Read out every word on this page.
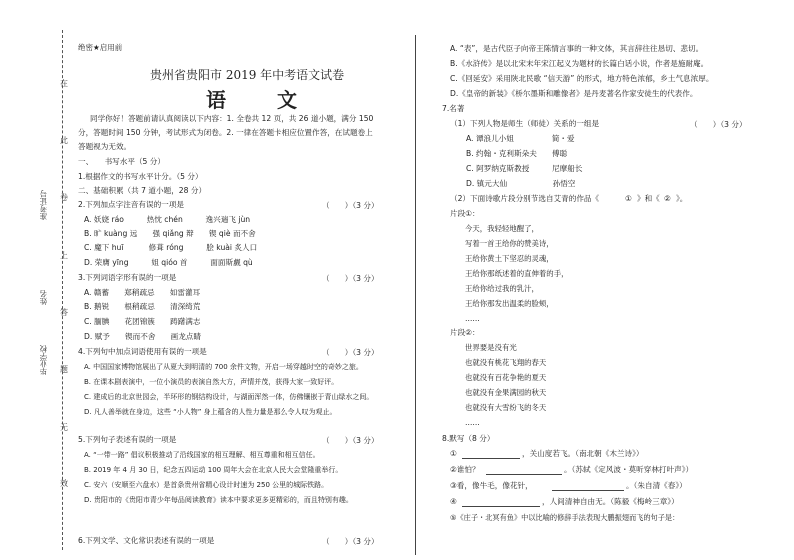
在
此
卷
上
答
题
无
效
准考证号
姓名
毕业学校
绝密★启用前
贵州省贵阳市 2019 年中考语文试卷
语 文
同学你好！答题前请认真阅读以下内容：1. 全卷共 12 页，共 26 道小题，满分 150
分，答题时间 150 分钟，考试形式为闭卷。2. 一律在答题卡相应位置作答，在试题卷上
答题视为无效。
一、　　书写水平（5 分）
1.根据作文的书写水平计分。（5 分）
二、基础积累（共 7 道小题，28 分）
2.下列加点字注音有误的一项是	（　　）（3 分）
A. 妖娆 ráo　　　热忱 chén　　　逸兴遄飞 jùn
B. 旷 kuàng 远　　强 qiǎng 辩　　锲 qiè 而不舍
C. 魔下 huī　　　 修葺 róng　　　脍 kuài 炙人口
D. 荣膺 yīng　　　姐 qióo 首　　　面面斯觑 qù
3.下列词语字形有误的一项是	（　　）（3 分）
A. 赣蓄　　郑稍疏忌　　如雷灌耳
B. 鹅锐　　根稍疏忌　　清深绮荒
C. 腼腆　　花团锦簇　　踌躇满志
D. 赋予　　锲而不舍　　画龙点睛
4.下列句中加点词语使用有误的一项是	（　　）（3 分）
A. 中国国家博物馆展出了从夏大到明清的 700 余件文物，开启一场穿越时空的奇妙之旅。
B. 在课本剧表演中，一位小演员的表演自然大方，声情并茂，获得大家一致好评。
C. 建成后的北京世园会，半环形的钢结构设计，与湖面浑然一体，仿佛镶嵌于青山绿水之间。
D. 凡人善举就在身边，这些 “小人物” 身上蕴含的人性力量是那么令人叹为观止。
5.下列句子表述有误的一项是	（　　）（3 分）
A. “一带一路” 倡议积极推动了沿线国家的相互理解、相互尊重和相互信任。
B. 2019 年 4 月 30 日，纪念五四运动 100 周年大会在北京人民大会堂隆重举行。
C. 安六（安顺至六盘水）是首条贵州省精心设计时速为 250 公里的城际铁路。
D. 贵阳市的《贵阳市青少年每品阅读教育》读本中要求更多更精彩的，而且特别有趣。
6.下列文学、文化常识表述有误的一项是	（　　）（3 分）
A. “表”，是古代臣子向帝王陈情言事的一种文体，其言辞往往恳切、悲切。
B.《水浒传》是以北宋末年宋江起义为题材的长篇白话小说，作者是施耐庵。
C.《回延安》采用陕北民歌 “信天游” 的形式，地方特色浓郁，乡土气息浓厚。
D.《皇帝的新装》《桥尔墨斯和雕像者》是丹麦著名作家安徒生的代表作。
7.名著
（1）下列人物是师生（师徒）关系的一组是	（　　）（3 分）
A. 谭浪儿小姐　　　　　简・爱
B. 约翰・克利斯朵夫　　傅聪
C. 阿罗纳克斯教授　　　尼摩船长
D. 镇元大仙　　　　　　孙悟空
（2）下面诗歌片段分别节选自艾青的作品《	① 》和《 ② 》。
片段①：
今天，我轻轻地醒了，
写着一首王给你的赞美诗，
王给你黄土下坚忍的灵魂，
王给你那纸述着的直伸着的手，
王给你给过我的乳汁，
王给你那发出温柔的脸颊，
……
片段②：
世界要是没有光
也就没有桃花飞翔的春天
也就没有百花争艳的夏天
也就没有金果满园的秋天
也就没有大雪纷飞的冬天
……
8.默写（8 分）
①	，关山度若飞。（南北朝《木兰诗》）
②谁怕？	。（苏轼《定风波・莫听穿林打叶声》）
③看，像牛毛，像花针，	。（朱自清《春》）
④	，人间清神自由无。（陈毅《梅岭三章》）
⑤《庄子・北冥有鱼》中以比喻的修辞手法表现大鹏振翅而飞的句子是：
